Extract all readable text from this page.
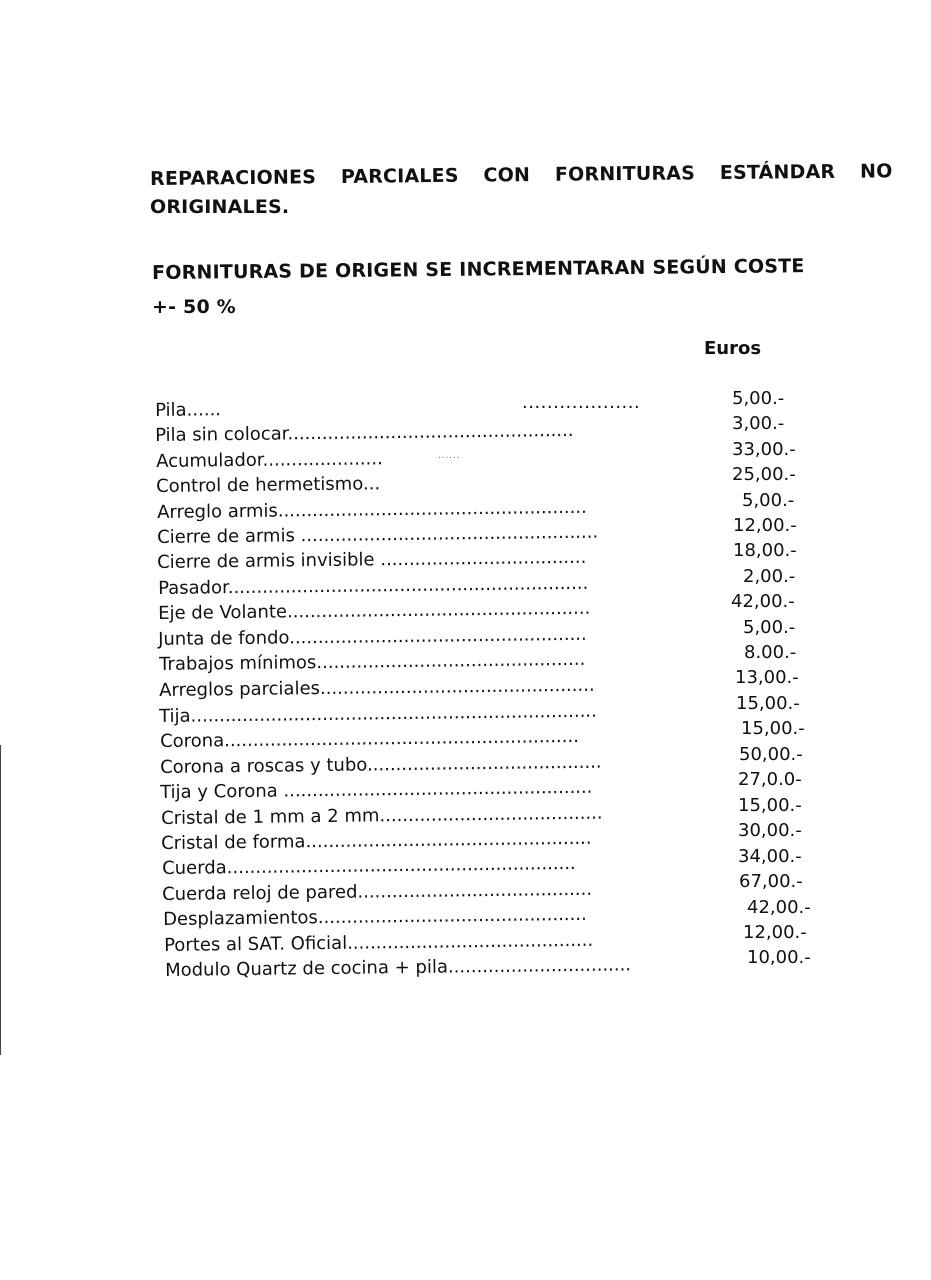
REPARACIONES PARCIALES CON FORNITURAS ESTÁNDAR NO
ORIGINALES.
FORNITURAS DE ORIGEN SE INCREMENTARAN SEGÚN COSTE
+- 50 %
Euros
Pila......
Pila sin colocar..................................................
Acumulador.....................
Control de hermetismo...
Arreglo armis......................................................
Cierre de armis ....................................................
Cierre de armis invisible ....................................
Pasador...............................................................
Eje de Volante.....................................................
Junta de fondo....................................................
Trabajos mínimos...............................................
Arreglos parciales................................................
Tija.......................................................................
Corona..............................................................
Corona a roscas y tubo.........................................
Tija y Corona ......................................................
Cristal de 1 mm a 2 mm.......................................
Cristal de forma..................................................
Cuerda.............................................................
Cuerda reloj de pared.........................................
Desplazamientos...............................................
Portes al SAT. Oficial...........................................
Modulo Quartz de cocina + pila................................
...................
......
5,00.-
3,00.-
33,00.-
25,00.-
5,00.-
12,00.-
18,00.-
2,00.-
42,00.-
5,00.-
8.00.-
13,00.-
15,00.-
15,00.-
50,00.-
27,0.0-
15,00.-
30,00.-
34,00.-
67,00.-
42,00.-
12,00.-
10,00.-
